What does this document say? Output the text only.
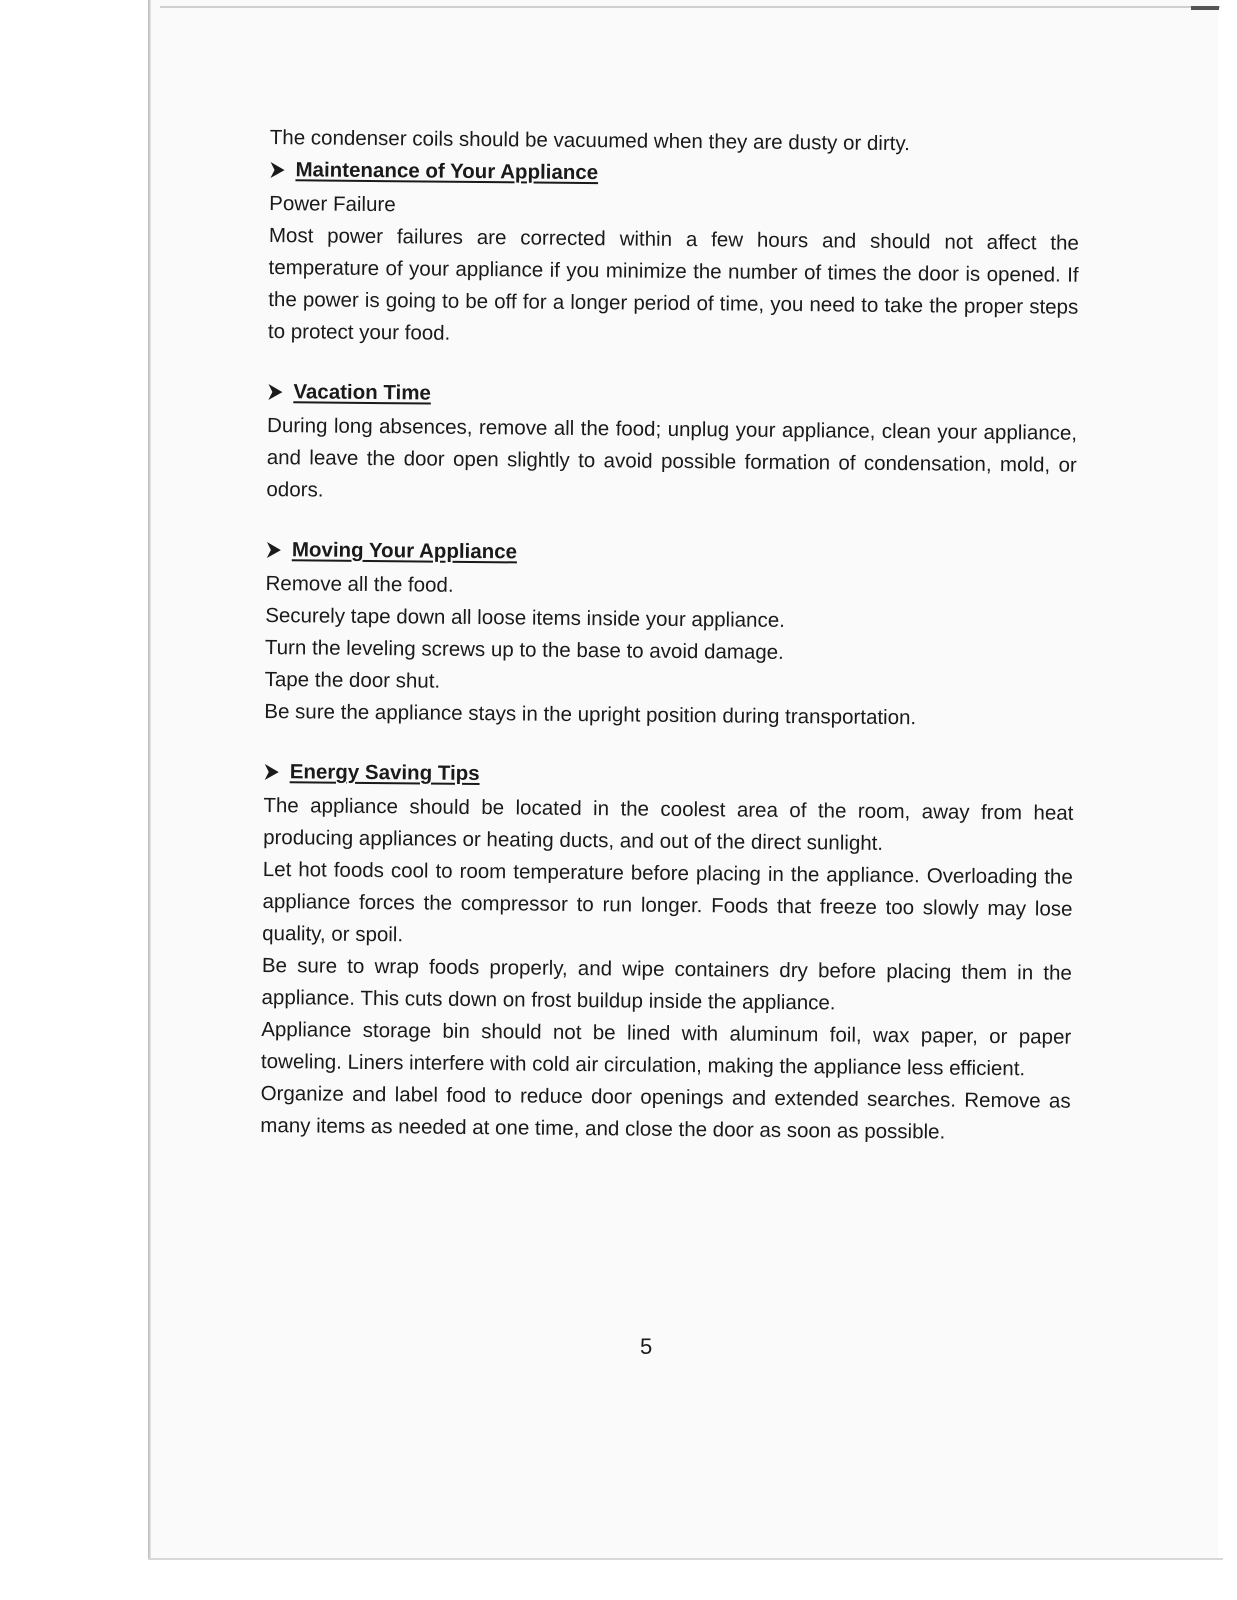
The condenser coils should be vacuumed when they are dusty or dirty.

Maintenance of Your Appliance

Power Failure

Most power failures are corrected within a few hours and should not affect the temperature of your appliance if you minimize the number of times the door is opened. If the power is going to be off for a longer period of time, you need to take the proper steps to protect your food.

Vacation Time

During long absences, remove all the food; unplug your appliance, clean your appliance, and leave the door open slightly to avoid possible formation of condensation, mold, or odors.

Moving Your Appliance

Remove all the food.

Securely tape down all loose items inside your appliance.

Turn the leveling screws up to the base to avoid damage.

Tape the door shut.

Be sure the appliance stays in the upright position during transportation.

Energy Saving Tips

The appliance should be located in the coolest area of the room, away from heat producing appliances or heating ducts, and out of the direct sunlight.

Let hot foods cool to room temperature before placing in the appliance. Overloading the appliance forces the compressor to run longer. Foods that freeze too slowly may lose quality, or spoil.

Be sure to wrap foods properly, and wipe containers dry before placing them in the appliance. This cuts down on frost buildup inside the appliance.

Appliance storage bin should not be lined with aluminum foil, wax paper, or paper toweling. Liners interfere with cold air circulation, making the appliance less efficient.

Organize and label food to reduce door openings and extended searches. Remove as many items as needed at one time, and close the door as soon as possible.

5
